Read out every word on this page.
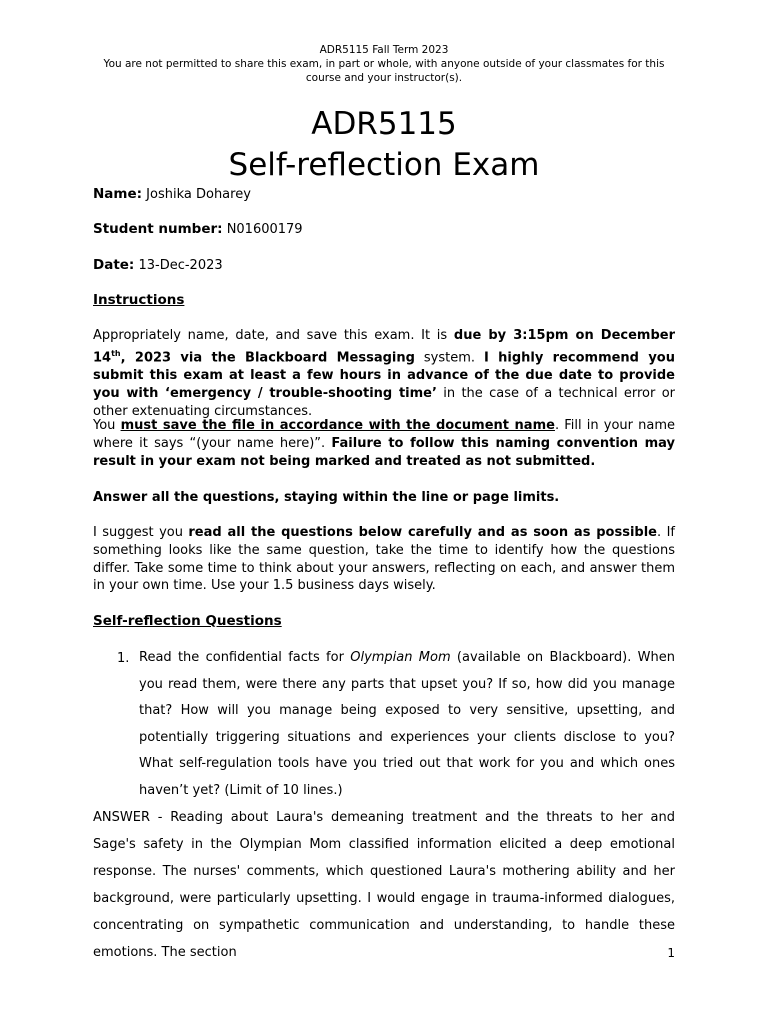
ADR5115 Fall Term 2023
You are not permitted to share this exam, in part or whole, with anyone outside of your classmates for this
course and your instructor(s).
ADR5115
Self-reflection Exam
Name: Joshika Doharey
Student number: N01600179
Date: 13-Dec-2023
Instructions

Appropriately name, date, and save this exam. It is due by 3:15pm on December 14th, 2023 via the Blackboard Messaging system. I highly recommend you submit this exam at least a few hours in advance of the due date to provide you with ‘emergency / trouble-shooting time’ in the case of a technical error or other extenuating circumstances.

You must save the file in accordance with the document name. Fill in your name where it says “(your name here)”. Failure to follow this naming convention may result in your exam not being marked and treated as not submitted.

Answer all the questions, staying within the line or page limits.

I suggest you read all the questions below carefully and as soon as possible. If something looks like the same question, take the time to identify how the questions differ. Take some time to think about your answers, reflecting on each, and answer them in your own time. Use your 1.5 business days wisely.

Self-reflection Questions
1. Read the confidential facts for Olympian Mom (available on Blackboard). When you read them, were there any parts that upset you? If so, how did you manage that? How will you manage being exposed to very sensitive, upsetting, and potentially triggering situations and experiences your clients disclose to you? What self-regulation tools have you tried out that work for you and which ones haven’t yet? (Limit of 10 lines.)

ANSWER - Reading about Laura's demeaning treatment and the threats to her and Sage's safety in the Olympian Mom classified information elicited a deep emotional response. The nurses' comments, which questioned Laura's mothering ability and her background, were particularly upsetting. I would engage in trauma-informed dialogues, concentrating on sympathetic communication and understanding, to handle these emotions. The section	1
